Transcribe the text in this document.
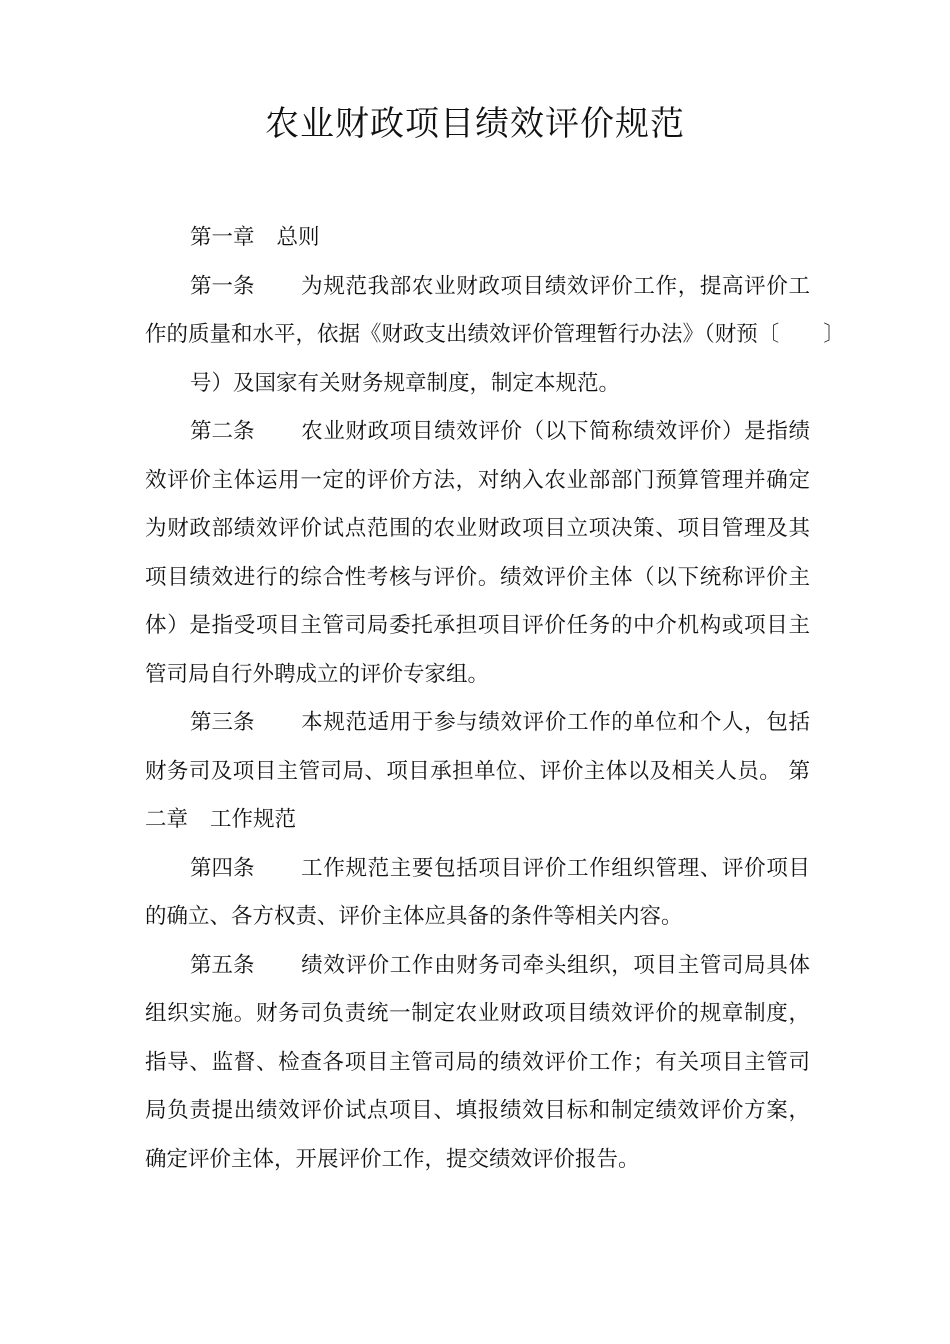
农业财政项目绩效评价规范
第一章 总则
第一条 为规范我部农业财政项目绩效评价工作，提高评价工
作的质量和水平，依据《财政支出绩效评价管理暂行办法》（财预〔 〕
号）及国家有关财务规章制度，制定本规范。
第二条 农业财政项目绩效评价（以下简称绩效评价）是指绩
效评价主体运用一定的评价方法，对纳入农业部部门预算管理并确定
为财政部绩效评价试点范围的农业财政项目立项决策、项目管理及其
项目绩效进行的综合性考核与评价。绩效评价主体（以下统称评价主
体）是指受项目主管司局委托承担项目评价任务的中介机构或项目主
管司局自行外聘成立的评价专家组。
第三条 本规范适用于参与绩效评价工作的单位和个人，包括
财务司及项目主管司局、项目承担单位、评价主体以及相关人员。 第
二章 工作规范
第四条 工作规范主要包括项目评价工作组织管理、评价项目
的确立、各方权责、评价主体应具备的条件等相关内容。
第五条 绩效评价工作由财务司牵头组织，项目主管司局具体
组织实施。财务司负责统一制定农业财政项目绩效评价的规章制度，
指导、监督、检查各项目主管司局的绩效评价工作；有关项目主管司
局负责提出绩效评价试点项目、填报绩效目标和制定绩效评价方案，
确定评价主体，开展评价工作，提交绩效评价报告。
